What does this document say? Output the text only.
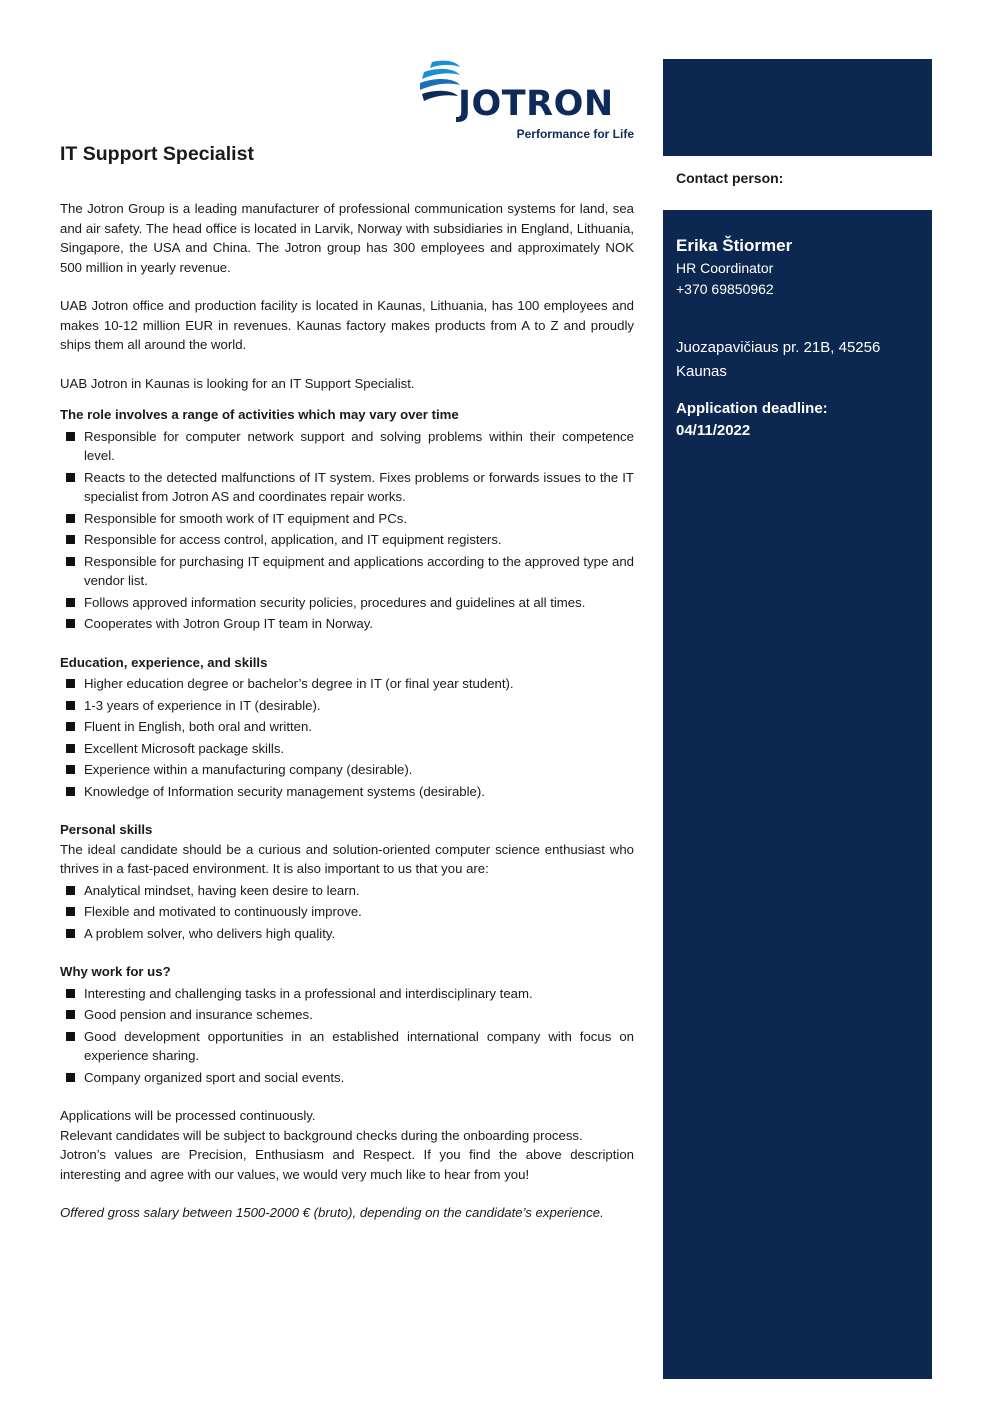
JOTRON
Performance for Life
IT Support Specialist

The Jotron Group is a leading manufacturer of professional communication systems for land, sea and air safety. The head office is located in Larvik, Norway with subsidiaries in England, Lithuania, Singapore, the USA and China. The Jotron group has 300 employees and approximately NOK 500 million in yearly revenue.

UAB Jotron office and production facility is located in Kaunas, Lithuania, has 100 employees and makes 10-12 million EUR in revenues. Kaunas factory makes products from A to Z and proudly ships them all around the world.

UAB Jotron in Kaunas is looking for an IT Support Specialist.

The role involves a range of activities which may vary over time

Responsible for computer network support and solving problems within their competence level.
Reacts to the detected malfunctions of IT system. Fixes problems or forwards issues to the IT specialist from Jotron AS and coordinates repair works.
Responsible for smooth work of IT equipment and PCs.
Responsible for access control, application, and IT equipment registers.
Responsible for purchasing IT equipment and applications according to the approved type and vendor list.
Follows approved information security policies, procedures and guidelines at all times.
Cooperates with Jotron Group IT team in Norway.

Education, experience, and skills

Higher education degree or bachelor’s degree in IT (or final year student).
1-3 years of experience in IT (desirable).
Fluent in English, both oral and written.
Excellent Microsoft package skills.
Experience within a manufacturing company (desirable).
Knowledge of Information security management systems (desirable).

Personal skills

The ideal candidate should be a curious and solution-oriented computer science enthusiast who thrives in a fast-paced environment. It is also important to us that you are:

Analytical mindset, having keen desire to learn.
Flexible and motivated to continuously improve.
A problem solver, who delivers high quality.

Why work for us?

Interesting and challenging tasks in a professional and interdisciplinary team.
Good pension and insurance schemes.
Good development opportunities in an established international company with focus on experience sharing.
Company organized sport and social events.

Applications will be processed continuously.

Relevant candidates will be subject to background checks during the onboarding process.

Jotron’s values are Precision, Enthusiasm and Respect. If you find the above description interesting and agree with our values, we would very much like to hear from you!

Offered gross salary between 1500-2000 € (bruto), depending on the candidate’s experience.

Contact person:
Erika Štiormer
HR Coordinator
+370 69850962
Juozapavičiaus pr. 21B, 45256 Kaunas
Application deadline:
04/11/2022
